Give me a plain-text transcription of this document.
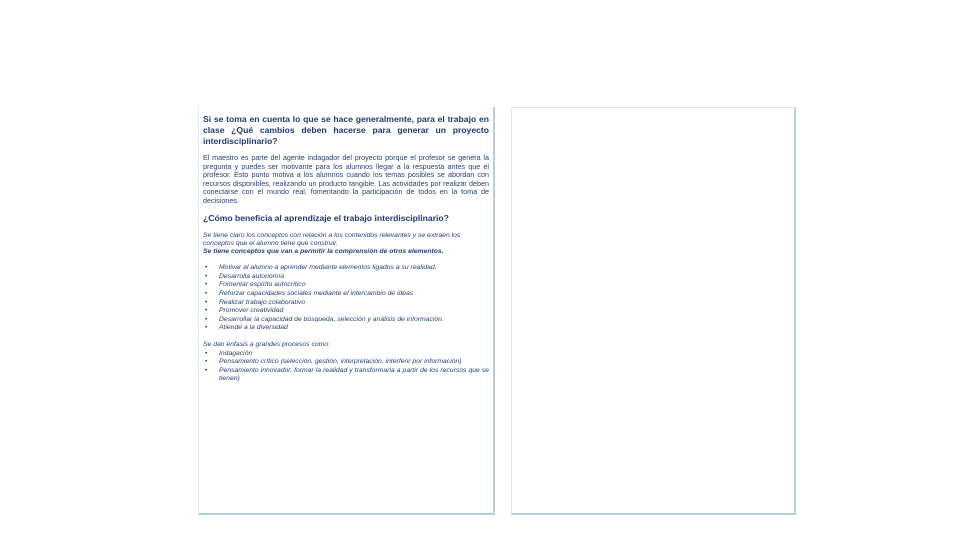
Si se toma en cuenta lo que se hace generalmente, para el trabajo en clase ¿Qué cambios deben hacerse para generar un proyecto interdisciplinario?

El maestro es parte del agente indagador del proyecto porque el profesor se genera la pregunta y puedes ser motivante para los alumnos llegar a la respuesta antes que el profesor. Esto punto motiva a los alumnos cuando los temas posibles se abordan con recursos disponibles, realizando un producto tangible. Las actividades por realizar deben conectarse con el mundo real, fomentando la participación de todos en la toma de decisiones.

¿Cómo beneficia al aprendizaje el trabajo interdisciplinario?

Se tiene claro los conceptos con relación a los contenidos relevantes y se extraen los conceptos que el alumno tiene que construir.

Se tiene conceptos que van a permitir la comprensión de otros elementos.

• Motivar al alumno a aprender mediante elementos ligados a su realidad.
• Desarrolla autonomía
• Fomentar espíritu autocrítico
• Reforzar capacidades sociales mediante el intercambio de ideas
• Realizar trabajo colaborativo
• Promover creatividad
• Desarrollar la capacidad de búsqueda, selección y análisis de información.
• Atiende a la diversidad

Se dan énfasis a grandes procesos como:

• Indagación
• Pensamiento crítico (selección, gestión, interpretación, interferir por información)
• Pensamiento innovador, formar la realidad y transformarla a partir de los recursos que se tienen)
